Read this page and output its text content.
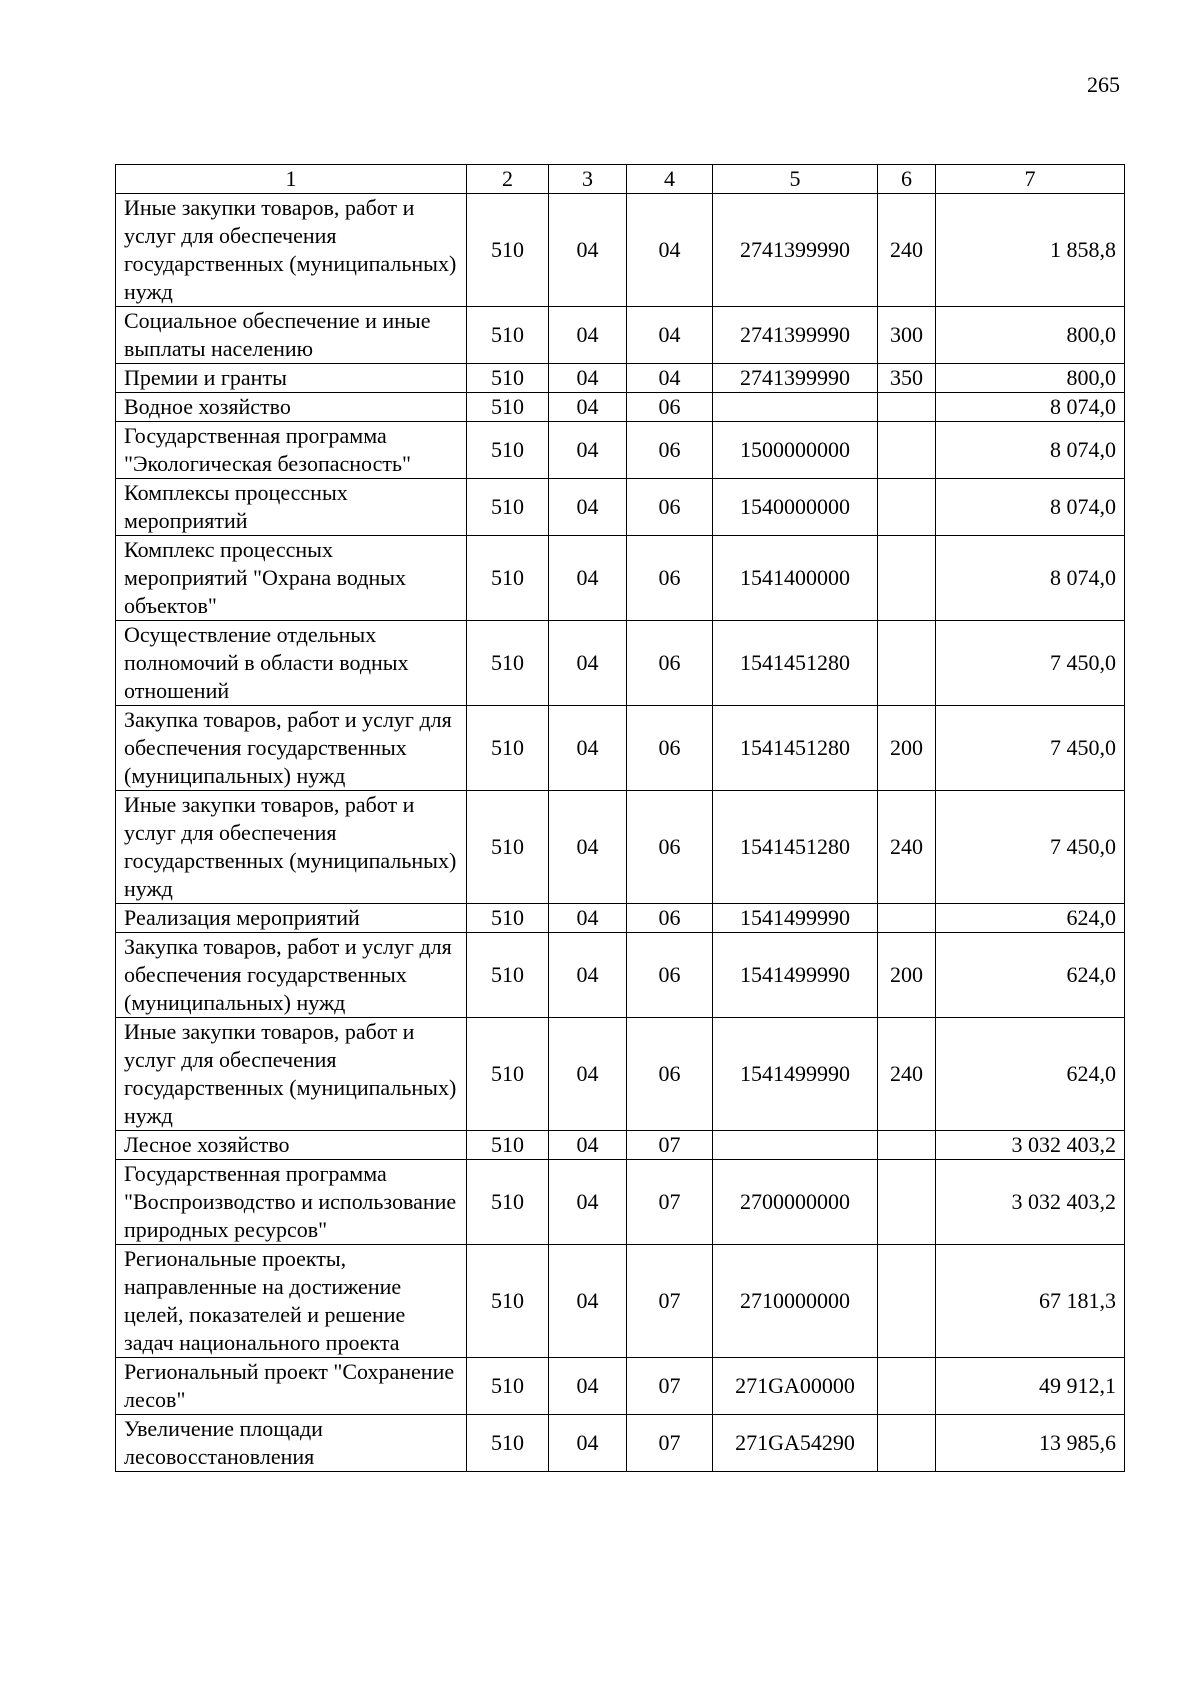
265
1	2	3	4	5	6	7
Иные закупки товаров, работ и услуг для обеспечения государственных (муниципальных) нужд	510	04	04	2741399990	240	1 858,8
Социальное обеспечение и иные выплаты населению	510	04	04	2741399990	300	800,0
Премии и гранты	510	04	04	2741399990	350	800,0
Водное хозяйство	510	04	06			8 074,0
Государственная программа "Экологическая безопасность"	510	04	06	1500000000		8 074,0
Комплексы процессных мероприятий	510	04	06	1540000000		8 074,0
Комплекс процессных мероприятий "Охрана водных объектов"	510	04	06	1541400000		8 074,0
Осуществление отдельных полномочий в области водных отношений	510	04	06	1541451280		7 450,0
Закупка товаров, работ и услуг для обеспечения государственных (муниципальных) нужд	510	04	06	1541451280	200	7 450,0
Иные закупки товаров, работ и услуг для обеспечения государственных (муниципальных) нужд	510	04	06	1541451280	240	7 450,0
Реализация мероприятий	510	04	06	1541499990		624,0
Закупка товаров, работ и услуг для обеспечения государственных (муниципальных) нужд	510	04	06	1541499990	200	624,0
Иные закупки товаров, работ и услуг для обеспечения государственных (муниципальных) нужд	510	04	06	1541499990	240	624,0
Лесное хозяйство	510	04	07			3 032 403,2
Государственная программа "Воспроизводство и использование природных ресурсов"	510	04	07	2700000000		3 032 403,2
Региональные проекты, направленные на достижение целей, показателей и решение задач национального проекта	510	04	07	2710000000		67 181,3
Региональный проект "Сохранение лесов"	510	04	07	271GA00000		49 912,1
Увеличение площади лесовосстановления	510	04	07	271GA54290		13 985,6
